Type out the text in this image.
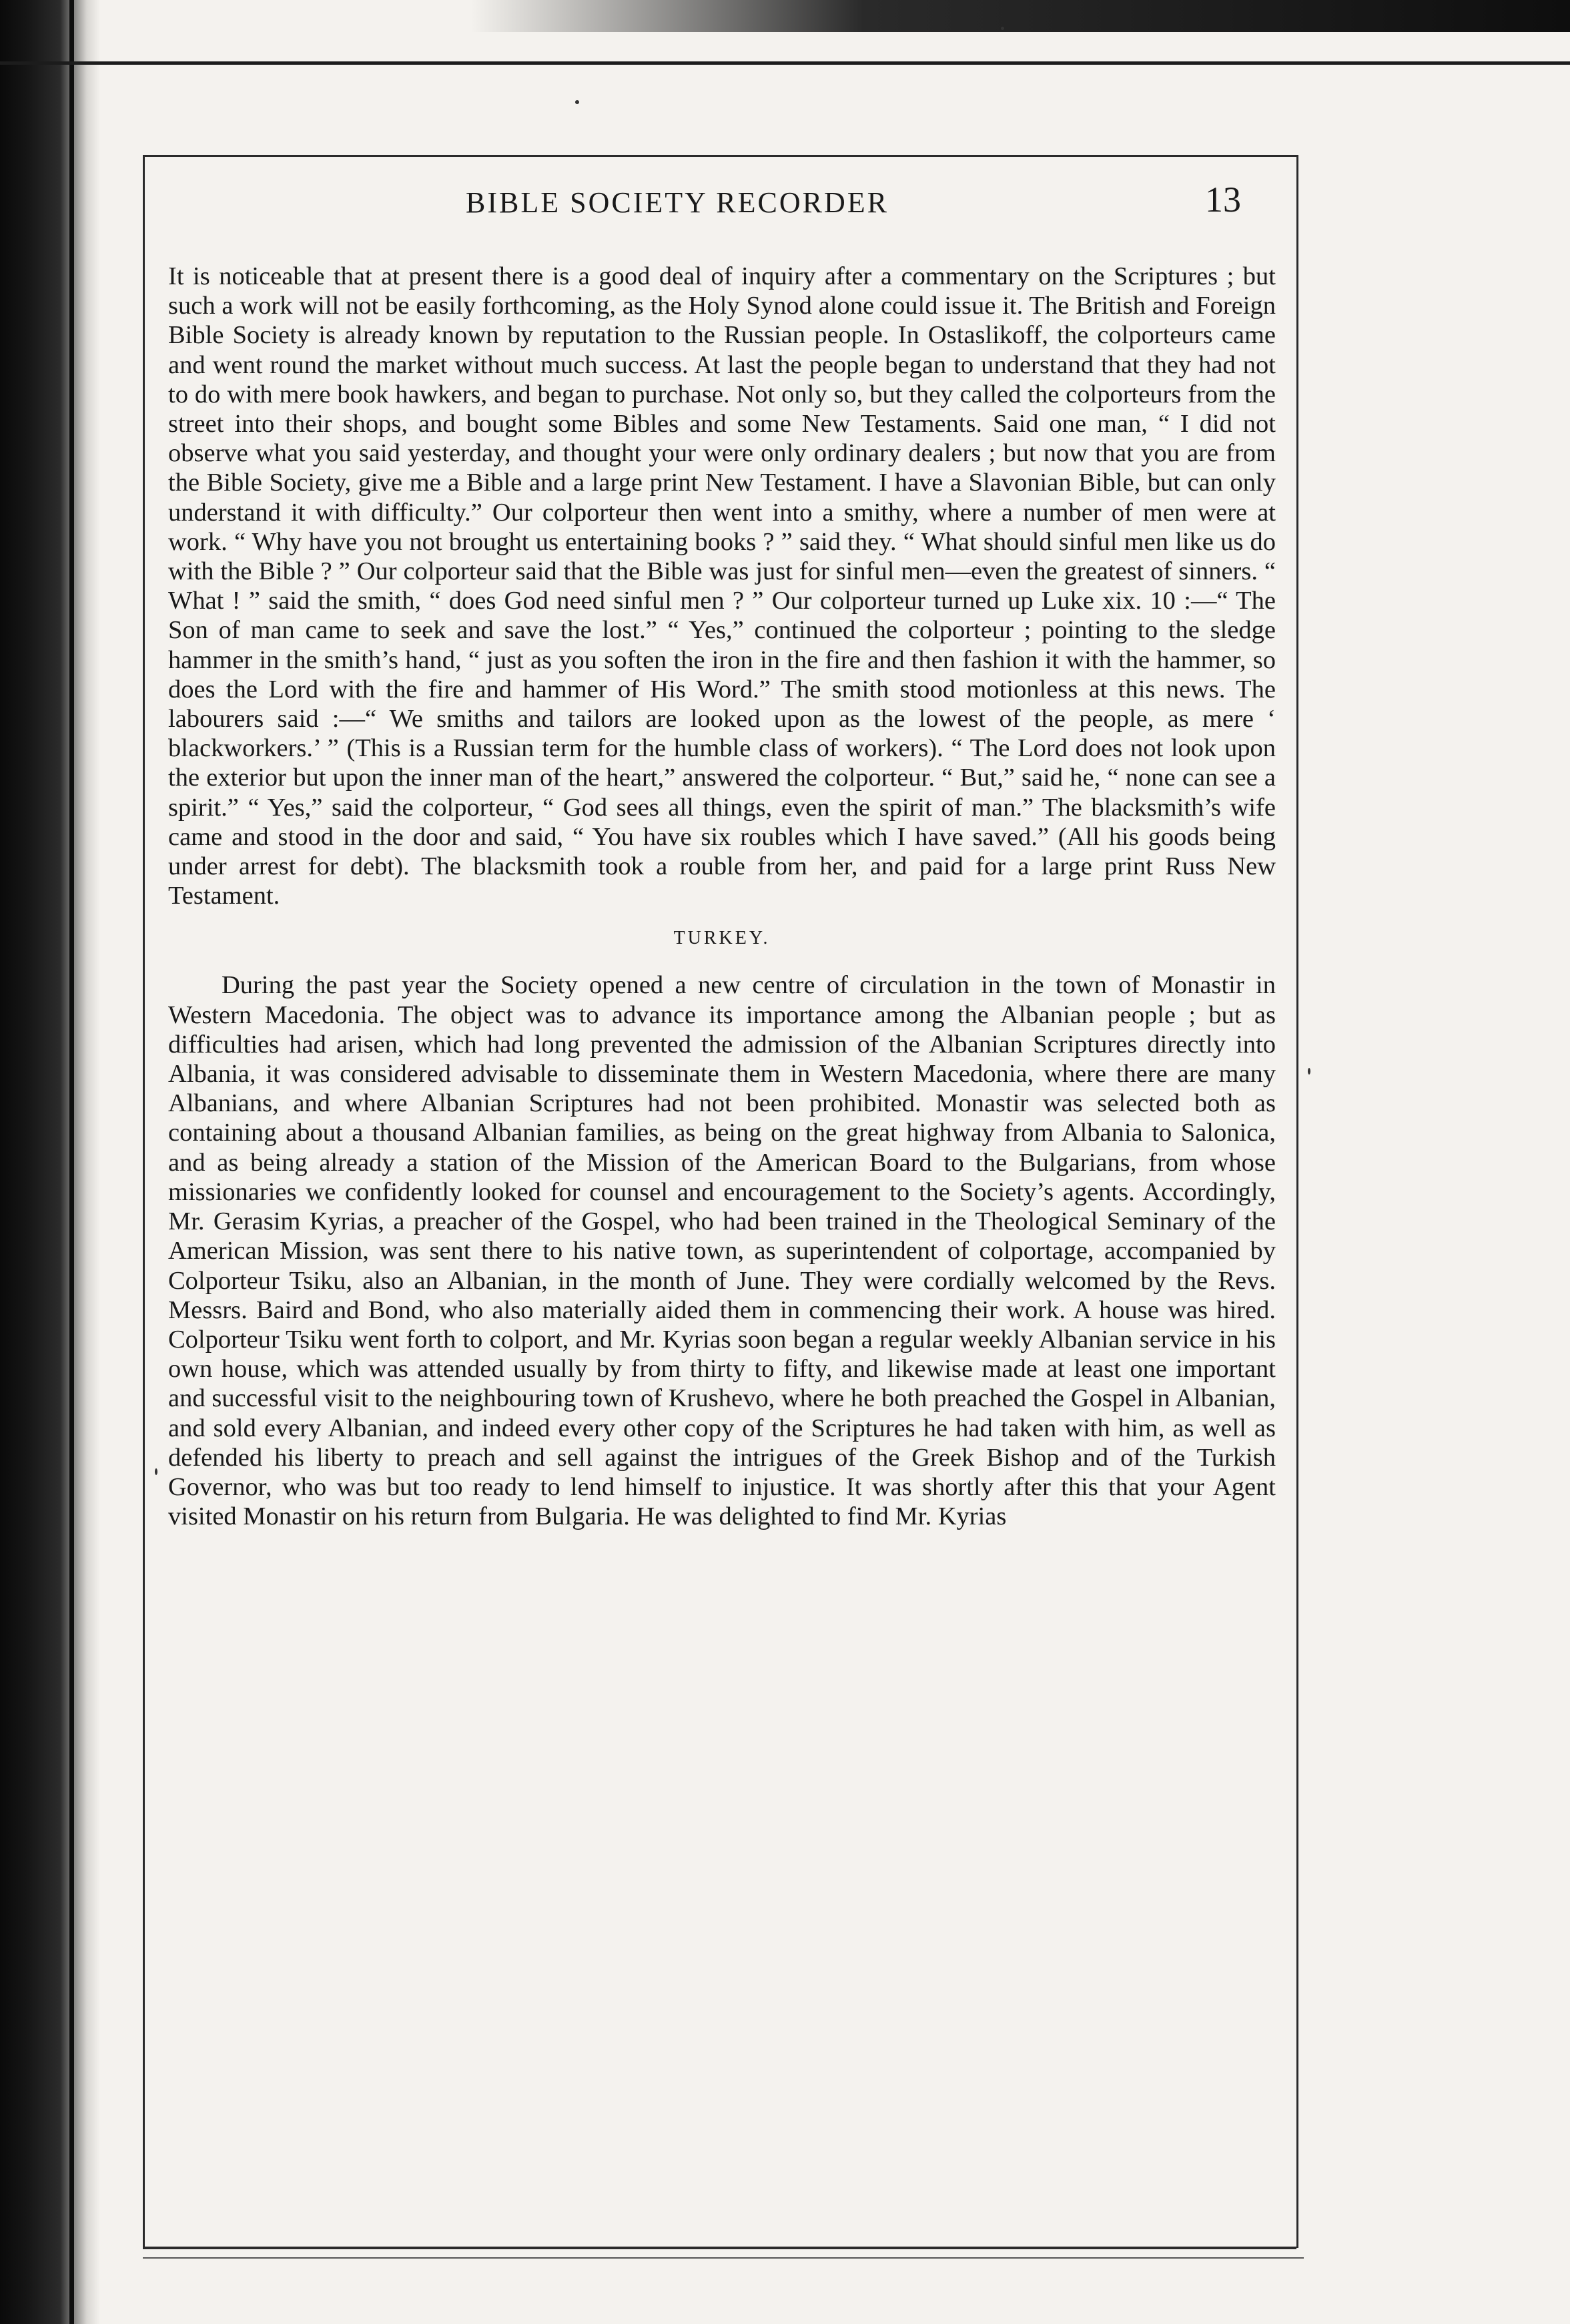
BIBLE SOCIETY RECORDER	13

It is noticeable that at present there is a good deal of inquiry after a commentary on the Scriptures ; but such a work will not be easily forthcoming, as the Holy Synod alone could issue it. The British and Foreign Bible Society is already known by reputation to the Russian people. In Ostaslikoff, the colporteurs came and went round the market without much success. At last the people began to understand that they had not to do with mere book hawkers, and began to purchase. Not only so, but they called the colporteurs from the street into their shops, and bought some Bibles and some New Testaments. Said one man, “ I did not observe what you said yesterday, and thought your were only ordinary dealers ; but now that you are from the Bible Society, give me a Bible and a large print New Testament. I have a Slavonian Bible, but can only understand it with difficulty.” Our colporteur then went into a smithy, where a number of men were at work. “ Why have you not brought us entertaining books ? ” said they. “ What should sinful men like us do with the Bible ? ” Our colporteur said that the Bible was just for sinful men—even the greatest of sinners. “ What ! ” said the smith, “ does God need sinful men ? ” Our colporteur turned up Luke xix. 10 :—“ The Son of man came to seek and save the lost.” “ Yes,” continued the colporteur ; pointing to the sledge hammer in the smith’s hand, “ just as you soften the iron in the fire and then fashion it with the hammer, so does the Lord with the fire and hammer of His Word.” The smith stood motionless at this news. The labourers said :—“ We smiths and tailors are looked upon as the lowest of the people, as mere ‘ blackworkers.’ ” (This is a Russian term for the humble class of workers). “ The Lord does not look upon the exterior but upon the inner man of the heart,” answered the colporteur. “ But,” said he, “ none can see a spirit.” “ Yes,” said the colporteur, “ God sees all things, even the spirit of man.” The blacksmith’s wife came and stood in the door and said, “ You have six roubles which I have saved.” (All his goods being under arrest for debt). The blacksmith took a rouble from her, and paid for a large print Russ New Testament.

TURKEY.

During the past year the Society opened a new centre of circulation in the town of Monastir in Western Macedonia. The object was to advance its importance among the Albanian people ; but as difficulties had arisen, which had long prevented the admission of the Albanian Scriptures directly into Albania, it was considered advisable to disseminate them in Western Macedonia, where there are many Albanians, and where Albanian Scriptures had not been prohibited. Monastir was selected both as containing about a thousand Albanian families, as being on the great highway from Albania to Salonica, and as being already a station of the Mission of the American Board to the Bulgarians, from whose missionaries we confidently looked for counsel and encouragement to the Society’s agents. Accordingly, Mr. Gerasim Kyrias, a preacher of the Gospel, who had been trained in the Theological Seminary of the American Mission, was sent there to his native town, as superintendent of colportage, accompanied by Colporteur Tsiku, also an Albanian, in the month of June. They were cordially welcomed by the Revs. Messrs. Baird and Bond, who also materially aided them in commencing their work. A house was hired. Colporteur Tsiku went forth to colport, and Mr. Kyrias soon began a regular weekly Albanian service in his own house, which was attended usually by from thirty to fifty, and likewise made at least one important and successful visit to the neighbouring town of Krushevo, where he both preached the Gospel in Albanian, and sold every Albanian, and indeed every other copy of the Scriptures he had taken with him, as well as defended his liberty to preach and sell against the intrigues of the Greek Bishop and of the Turkish Governor, who was but too ready to lend himself to injustice. It was shortly after this that your Agent visited Monastir on his return from Bulgaria. He was delighted to find Mr. Kyrias
